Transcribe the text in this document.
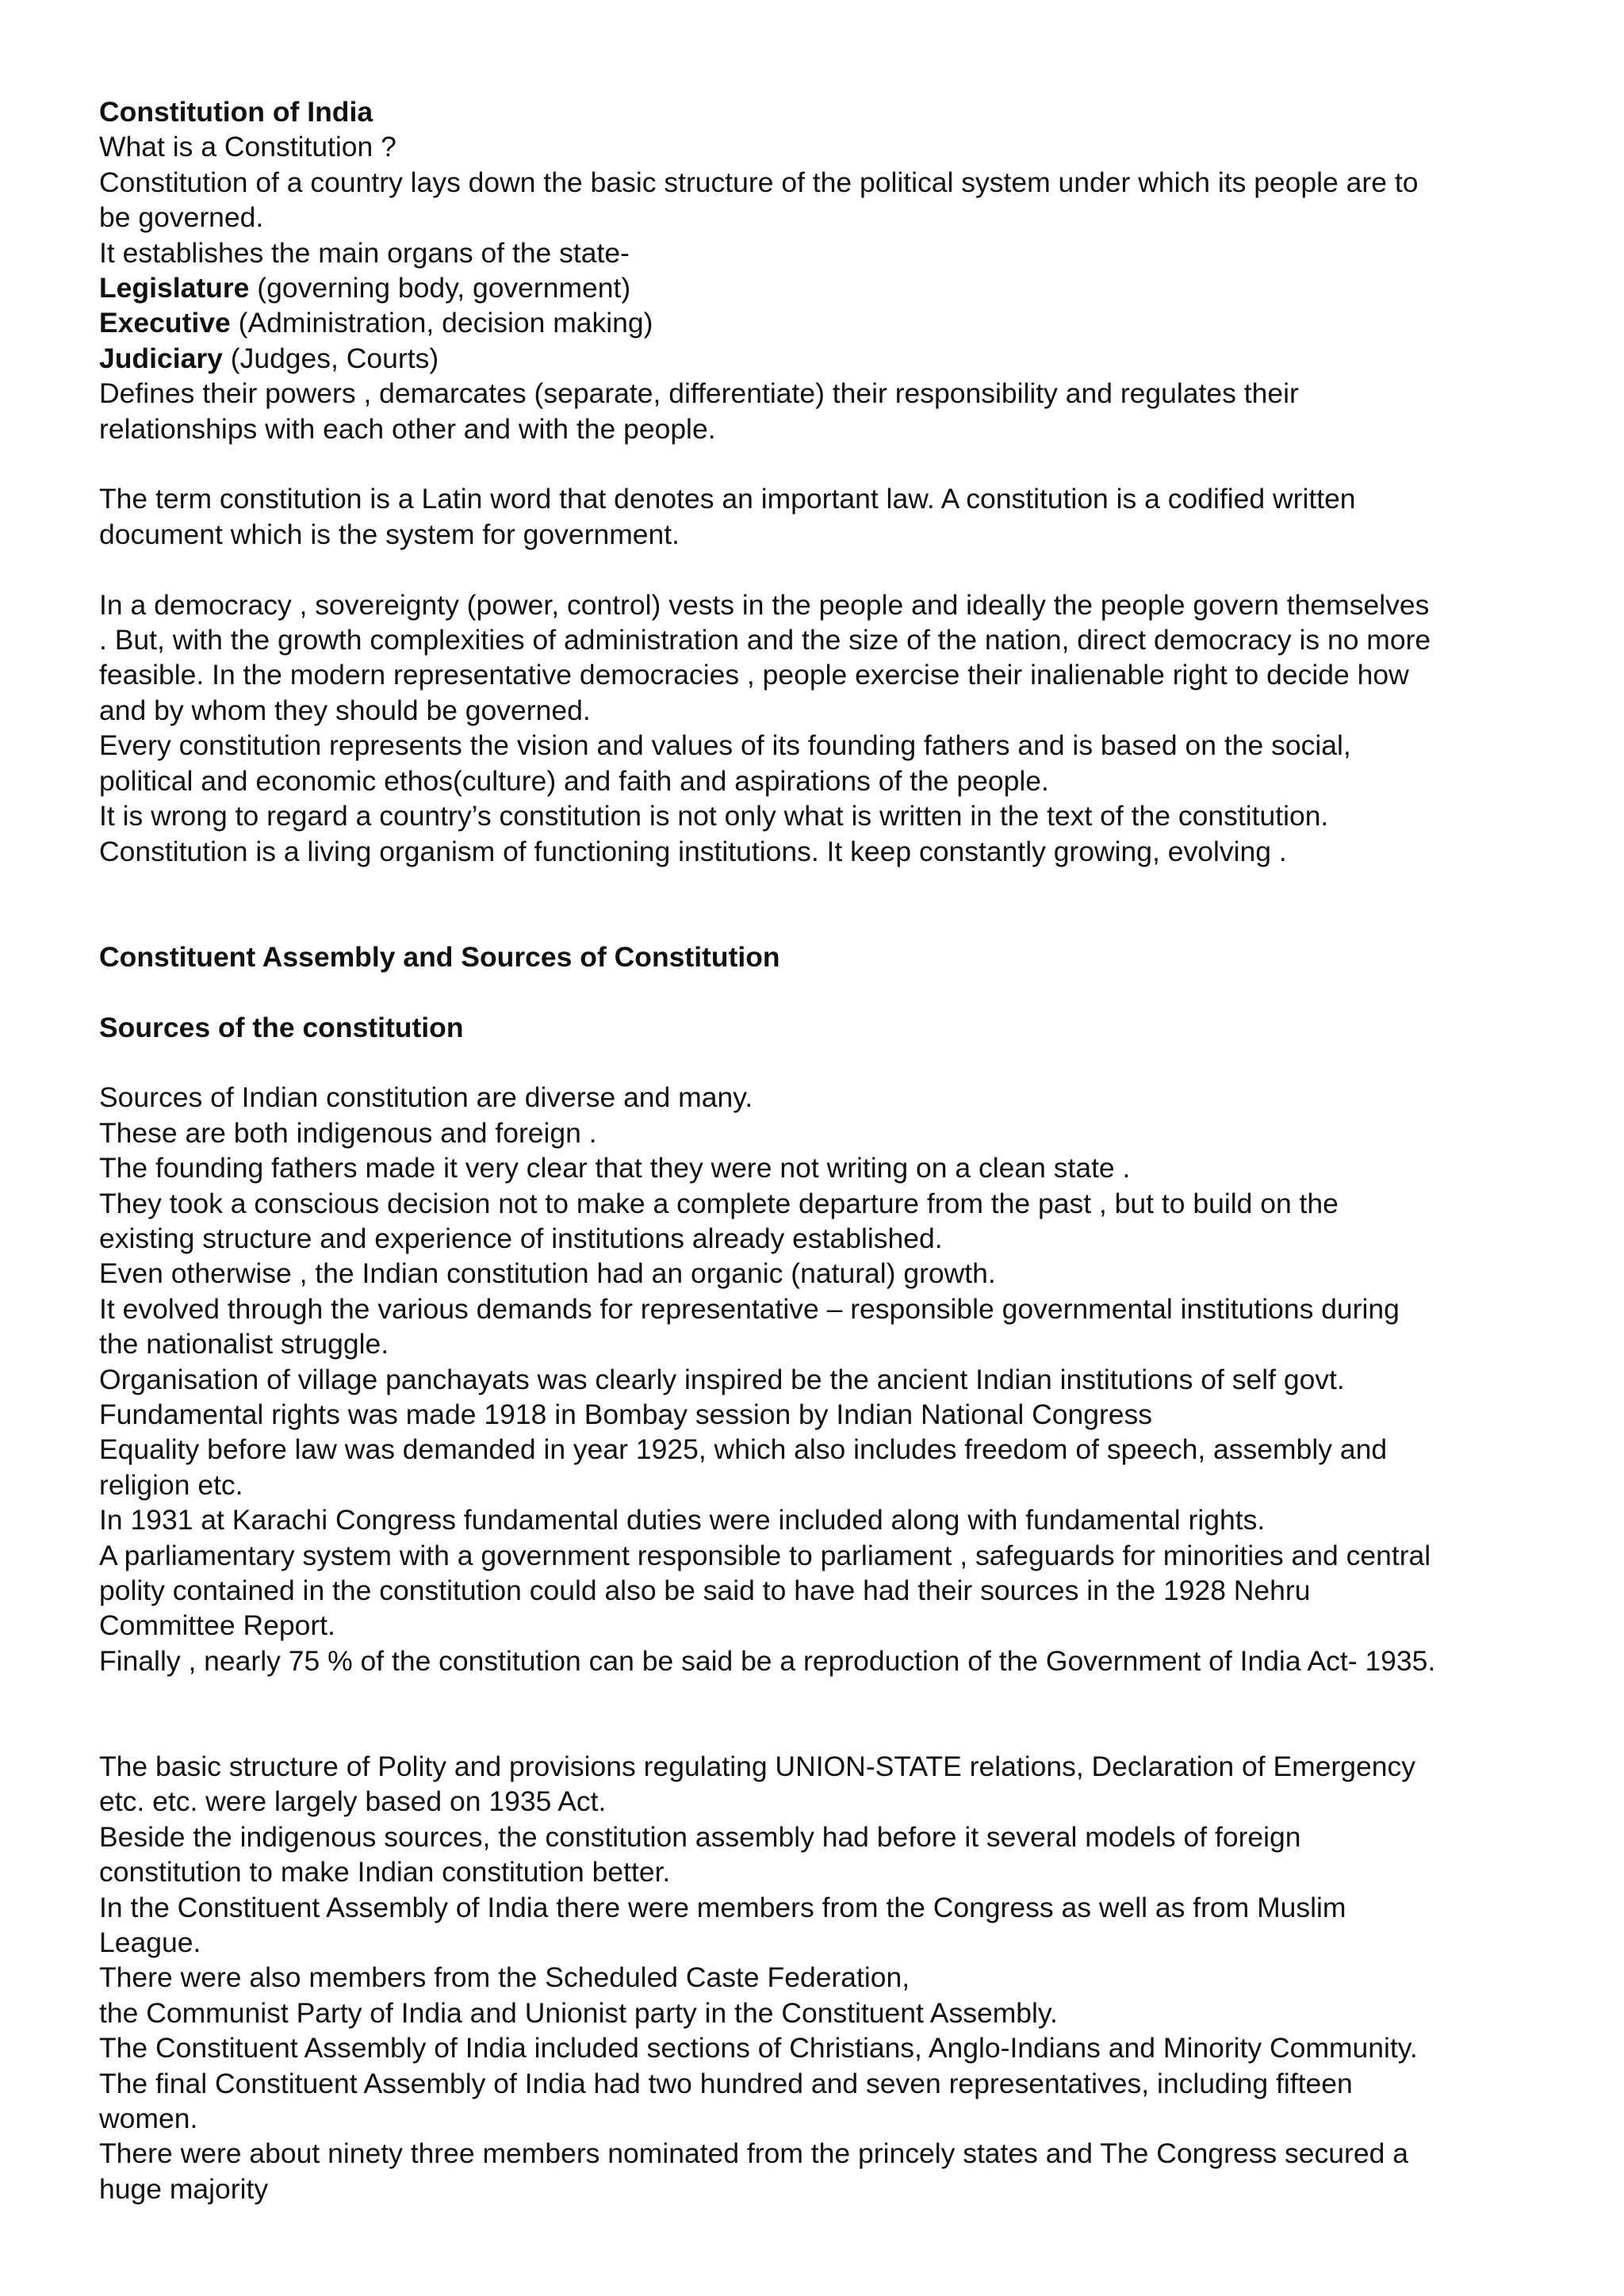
Constitution of India

What is a Constitution ?

Constitution of a country lays down the basic structure of the political system under which its people are to

be governed.

It establishes the main organs of the state-

Legislature (governing body, government)

Executive (Administration, decision making)

Judiciary (Judges, Courts)

Defines their powers , demarcates (separate, differentiate) their responsibility and regulates their

relationships with each other and with the people.

The term constitution is a Latin word that denotes an important law. A constitution is a codified written

document which is the system for government.

In a democracy , sovereignty (power, control) vests in the people and ideally the people govern themselves

. But, with the growth complexities of administration and the size of the nation, direct democracy is no more

feasible. In the modern representative democracies , people exercise their inalienable right to decide how

and by whom they should be governed.

Every constitution represents the vision and values of its founding fathers and is based on the social,

political and economic ethos(culture) and faith and aspirations of the people.

It is wrong to regard a country’s constitution is not only what is written in the text of the constitution.

Constitution is a living organism of functioning institutions. It keep constantly growing, evolving .

Constituent Assembly and Sources of Constitution

Sources of the constitution

Sources of Indian constitution are diverse and many.

These are both indigenous and foreign .

The founding fathers made it very clear that they were not writing on a clean state .

They took a conscious decision not to make a complete departure from the past , but to build on the

existing structure and experience of institutions already established.

Even otherwise , the Indian constitution had an organic (natural) growth.

It evolved through the various demands for representative – responsible governmental institutions during

the nationalist struggle.

Organisation of village panchayats was clearly inspired be the ancient Indian institutions of self govt.

Fundamental rights was made 1918 in Bombay session by Indian National Congress

Equality before law was demanded in year 1925, which also includes freedom of speech, assembly and

religion etc.

In 1931 at Karachi Congress fundamental duties were included along with fundamental rights.

A parliamentary system with a government responsible to parliament , safeguards for minorities and central

polity contained in the constitution could also be said to have had their sources in the 1928 Nehru

Committee Report.

Finally , nearly 75 % of the constitution can be said be a reproduction of the Government of India Act- 1935.

The basic structure of Polity and provisions regulating UNION-STATE relations, Declaration of Emergency

etc. etc. were largely based on 1935 Act.

Beside the indigenous sources, the constitution assembly had before it several models of foreign

constitution to make Indian constitution better.

In the Constituent Assembly of India there were members from the Congress as well as from Muslim

League.

There were also members from the Scheduled Caste Federation,

the Communist Party of India and Unionist party in the Constituent Assembly.

The Constituent Assembly of India included sections of Christians, Anglo-Indians and Minority Community.

The final Constituent Assembly of India had two hundred and seven representatives, including fifteen

women.

There were about ninety three members nominated from the princely states and The Congress secured a

huge majority
